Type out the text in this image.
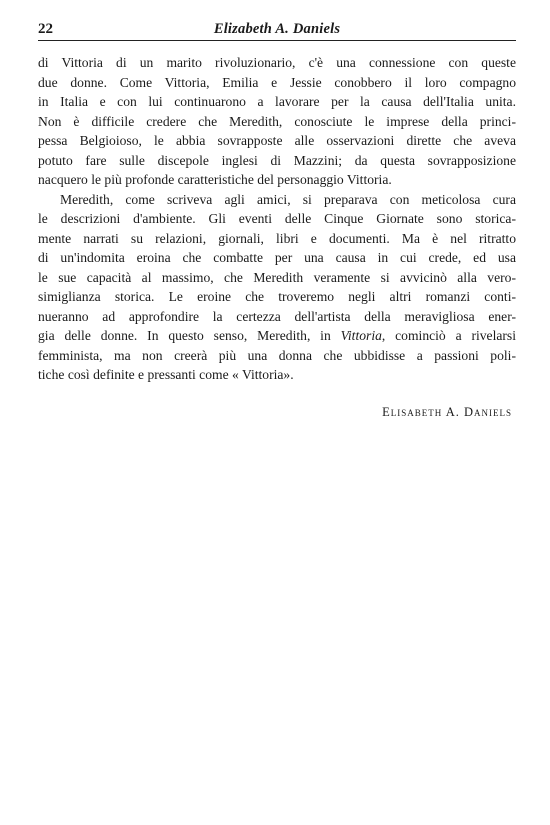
22	Elizabeth A. Daniels

di Vittoria di un marito rivoluzionario, c'è una connessione con queste
due donne. Come Vittoria, Emilia e Jessie conobbero il loro compagno
in Italia e con lui continuarono a lavorare per la causa dell'Italia unita.
Non è difficile credere che Meredith, conosciute le imprese della princi-
pessa Belgioioso, le abbia sovrapposte alle osservazioni dirette che aveva
potuto fare sulle discepole inglesi di Mazzini; da questa sovrapposizione
nacquero le più profonde caratteristiche del personaggio Vittoria.

Meredith, come scriveva agli amici, si preparava con meticolosa cura
le descrizioni d'ambiente. Gli eventi delle Cinque Giornate sono storica-
mente narrati su relazioni, giornali, libri e documenti. Ma è nel ritratto
di un'indomita eroina che combatte per una causa in cui crede, ed usa
le sue capacità al massimo, che Meredith veramente si avvicinò alla vero-
simiglianza storica. Le eroine che troveremo negli altri romanzi conti-
nueranno ad approfondire la certezza dell'artista della meravigliosa ener-
gia delle donne. In questo senso, Meredith, in Vittoria, cominciò a rivelarsi
femminista, ma non creerà più una donna che ubbidisse a passioni poli-
tiche così definite e pressanti come « Vittoria».

Elisabeth A. Daniels
